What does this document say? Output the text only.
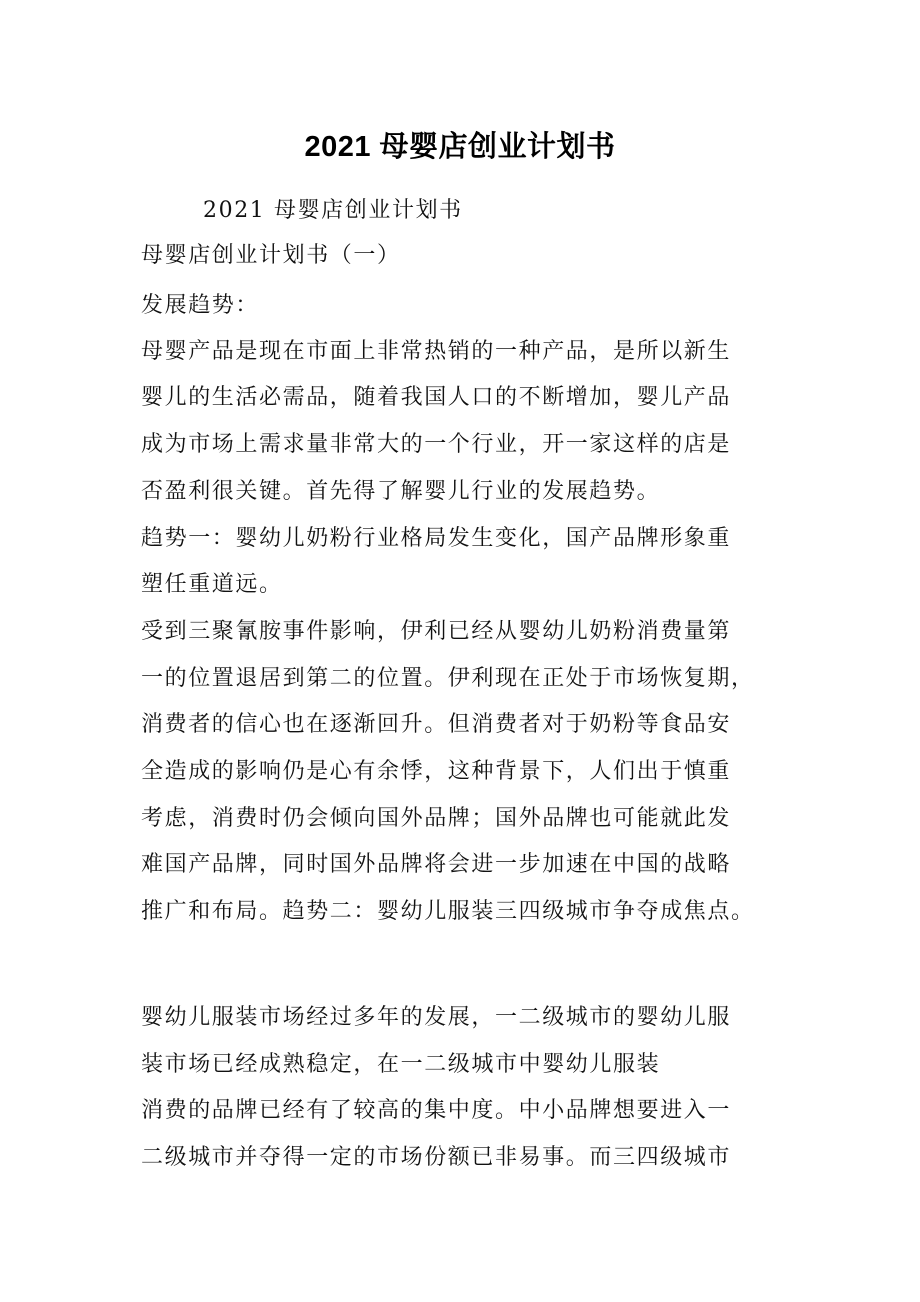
2021 母婴店创业计划书
2021 母婴店创业计划书
母婴店创业计划书（一）
发展趋势：
母婴产品是现在市面上非常热销的一种产品，是所以新生
婴儿的生活必需品，随着我国人口的不断增加，婴儿产品
成为市场上需求量非常大的一个行业，开一家这样的店是
否盈利很关键。首先得了解婴儿行业的发展趋势。
趋势一：婴幼儿奶粉行业格局发生变化，国产品牌形象重
塑任重道远。
受到三聚氰胺事件影响，伊利已经从婴幼儿奶粉消费量第
一的位置退居到第二的位置。伊利现在正处于市场恢复期，
消费者的信心也在逐渐回升。但消费者对于奶粉等食品安
全造成的影响仍是心有余悸，这种背景下，人们出于慎重
考虑，消费时仍会倾向国外品牌；国外品牌也可能就此发
难国产品牌，同时国外品牌将会进一步加速在中国的战略
推广和布局。趋势二：婴幼儿服装三四级城市争夺成焦点。
婴幼儿服装市场经过多年的发展，一二级城市的婴幼儿服
装市场已经成熟稳定，在一二级城市中婴幼儿服装
消费的品牌已经有了较高的集中度。中小品牌想要进入一
二级城市并夺得一定的市场份额已非易事。而三四级城市
